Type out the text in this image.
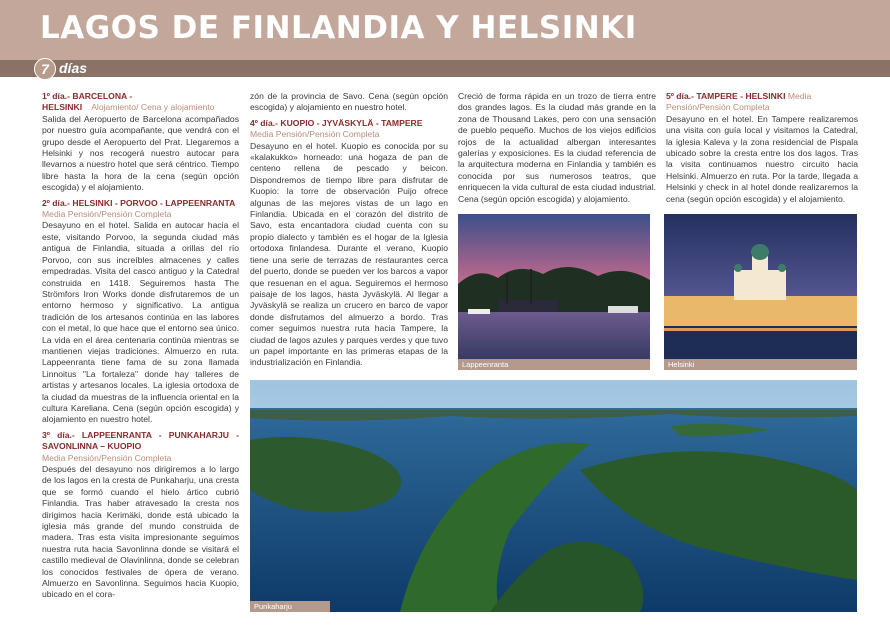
LAGOS DE FINLANDIA Y HELSINKI
7 días

1º día.- BARCELONA -
HELSINKI Alojamiento/ Cena y alojamiento
Salida del Aeropuerto de Barcelona acompañados por nuestro guía acompañante, que vendrá con el grupo desde el Aeropuerto del Prat. Llegaremos a Helsinki y nos recogerá nuestro autocar para llevarnos a nuestro hotel que será céntrico. Tiempo libre hasta la hora de la cena (según opción escogida) y el alojamiento.

2º día.- HELSINKI - PORVOO - LAPPEENRANTA
Media Pensión/Pensión Completa
Desayuno en el hotel. Salida en autocar hacia el este, visitando Porvoo, la segunda ciudad más antigua de Finlandia, situada a orillas del río Porvoo, con sus increíbles almacenes y calles empedradas. Visita del casco antiguo y la Catedral construida en 1418. Seguiremos hasta The Strömfors Iron Works donde disfrutaremos de un entorno hermoso y significativo. La antigua tradición de los artesanos continúa en las labores con el metal, lo que hace que el entorno sea único. La vida en el área centenaria continúa mientras se mantienen viejas tradiciones. Almuerzo en ruta. Lappeenranta tiene fama de su zona llamada Linnoitus "La fortaleza" donde hay talleres de artistas y artesanos locales. La iglesia ortodoxa de la ciudad da muestras de la influencia oriental en la cultura Kareliana. Cena (según opción escogida) y alojamiento en nuestro hotel.

3º día.- LAPPEENRANTA - PUNKAHARJU - SAVONLINNA – KUOPIO
Media Pensión/Pensión Completa
Después del desayuno nos dirigiremos a lo largo de los lagos en la cresta de Punkaharju, una cresta que se formó cuando el hielo ártico cubrió Finlandia. Tras haber atravesado la cresta nos dirigimos hacia Kerimäki, donde está ubicado la iglesia más grande del mundo construida de madera. Tras esta visita impresionante seguimos nuestra ruta hacia Savonlinna donde se visitará el castillo medieval de Olavinlinna, donde se celebran los conocidos festivales de ópera de verano. Almuerzo en Savonlinna. Seguimos hacia Kuopio, ubicado en el cora-

zón de la provincia de Savo. Cena (según opción escogida) y alojamiento en nuestro hotel.

4º día.- KUOPIO - JYVÄSKYLÄ - TAMPERE
Media Pensión/Pensión Completa
Desayuno en el hotel. Kuopio es conocida por su «kalakukko» horneado: una hogaza de pan de centeno rellena de pescado y beicon. Dispondremos de tiempo libre para disfrutar de Kuopio: la torre de observación Puijo ofrece algunas de las mejores vistas de un lago en Finlandia. Ubicada en el corazón del distrito de Savo, esta encantadora ciudad cuenta con su propio dialecto y también es el hogar de la Iglesia ortodoxa finlandesa. Durante el verano, Kuopio tiene una serie de terrazas de restaurantes cerca del puerto, donde se pueden ver los barcos a vapor que resuenan en el agua. Seguiremos el hermoso paisaje de los lagos, hasta Jyväskylä. Al llegar a Jyväskylä se realiza un crucero en barco de vapor donde disfrutamos del almuerzo a bordo. Tras comer seguimos nuestra ruta hacia Tampere, la ciudad de lagos azules y parques verdes y que tuvo un papel importante en las primeras etapas de la industrialización en Finlandia.

Creció de forma rápida en un trozo de tierra entre dos grandes lagos. Es la ciudad más grande en la zona de Thousand Lakes, pero con una sensación de pueblo pequeño. Muchos de los viejos edificios rojos de la actualidad albergan interesantes galerías y exposiciones. Es la ciudad referencia de la arquitectura moderna en Finlandia y también es conocida por sus numerosos teatros, que enriquecen la vida cultural de esta ciudad industrial. Cena (según opción escogida) y alojamiento.

5º día.- TAMPERE - HELSINKI Media
Pensión/Pensión Completa
Desayuno en el hotel. En Tampere realizaremos una visita con guía local y visitamos la Catedral, la iglesia Kaleva y la zona residencial de Pispala ubicado sobre la cresta entre los dos lagos. Tras la visita continuamos nuestro circuito hacia Helsinki. Almuerzo en ruta. Por la tarde, llegada a Helsinki y check in al hotel donde realizaremos la cena (según opción escogida) y el alojamiento.

Lappeenranta	Helsinki
Punkaharju
